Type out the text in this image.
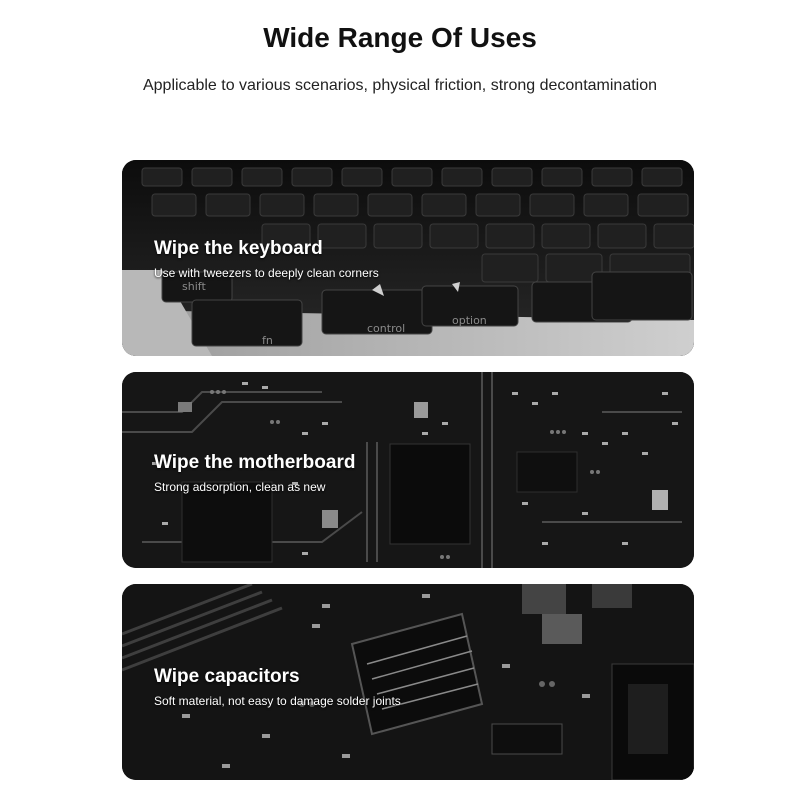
Wide Range Of Uses
Applicable to various scenarios, physical friction, strong decontamination
shift
fn
control
option
Wipe the keyboard
Use with tweezers to deeply clean corners
Wipe the motherboard
Strong adsorption, clean as new
Wipe capacitors
Soft material, not easy to damage solder joints
